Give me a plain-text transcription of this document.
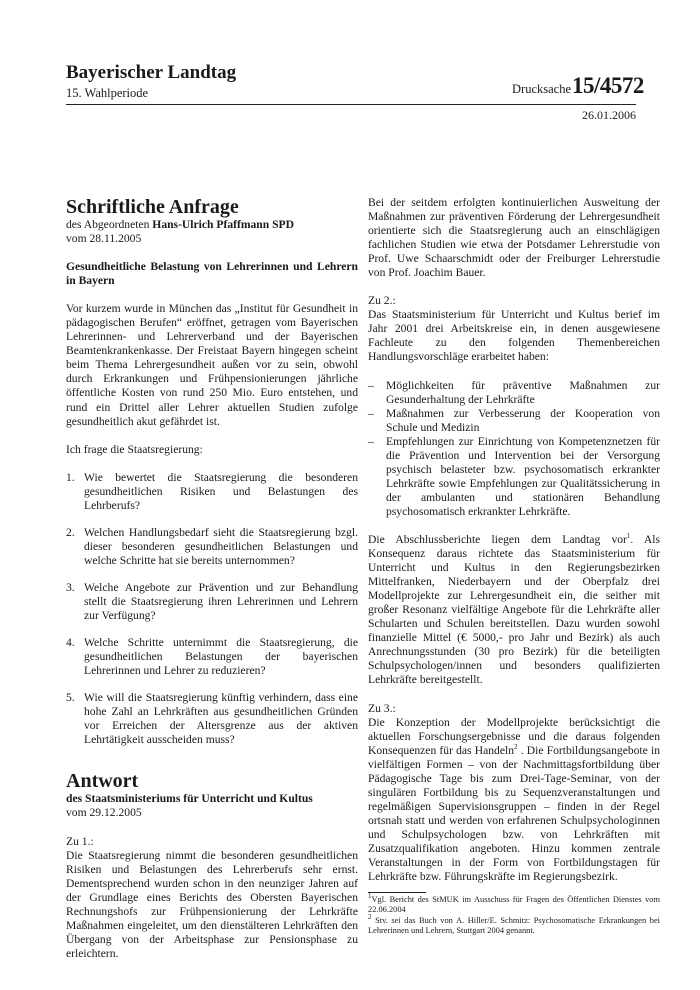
Bayerischer Landtag
15. Wahlperiode	Drucksache 15/4572
26.01.2006

Schriftliche Anfrage

des Abgeordneten Hans-Ulrich Pfaffmann SPD

vom 28.11.2005

Gesundheitliche Belastung von Lehrerinnen und Lehrern in Bayern

Vor kurzem wurde in München das „Institut für Gesundheit in pädagogischen Berufen“ eröffnet, getragen vom Bayerischen Lehrerinnen- und Lehrerverband und der Bayerischen Beamtenkrankenkasse. Der Freistaat Bayern hingegen scheint beim Thema Lehrergesundheit außen vor zu sein, obwohl durch Erkrankungen und Frühpensionierungen jährliche öffentliche Kosten von rund 250 Mio. Euro entstehen, und rund ein Drittel aller Lehrer aktuellen Studien zufolge gesundheitlich akut gefährdet ist.

Ich frage die Staatsregierung:

1. Wie bewertet die Staatsregierung die besonderen gesundheitlichen Risiken und Belastungen des Lehrberufs?
2. Welchen Handlungsbedarf sieht die Staatsregierung bzgl. dieser besonderen gesundheitlichen Belastungen und welche Schritte hat sie bereits unternommen?
3. Welche Angebote zur Prävention und zur Behandlung stellt die Staatsregierung ihren Lehrerinnen und Lehrern zur Verfügung?
4. Welche Schritte unternimmt die Staatsregierung, die gesundheitlichen Belastungen der bayerischen Lehrerinnen und Lehrer zu reduzieren?
5. Wie will die Staatsregierung künftig verhindern, dass eine hohe Zahl an Lehrkräften aus gesundheitlichen Gründen vor Erreichen der Altersgrenze aus der aktiven Lehrtätigkeit ausscheiden muss?

Antwort

des Staatsministeriums für Unterricht und Kultus

vom 29.12.2005

Zu 1.:

Die Staatsregierung nimmt die besonderen gesundheitlichen Risiken und Belastungen des Lehrerberufs sehr ernst. Dementsprechend wurden schon in den neunziger Jahren auf der Grundlage eines Berichts des Obersten Bayerischen Rechnungshofs zur Frühpensionierung der Lehrkräfte Maßnahmen eingeleitet, um den dienstälteren Lehrkräften den Übergang von der Arbeitsphase zur Pensionsphase zu erleichtern.

Bei der seitdem erfolgten kontinuierlichen Ausweitung der Maßnahmen zur präventiven Förderung der Lehrergesundheit orientierte sich die Staatsregierung auch an einschlägigen fachlichen Studien wie etwa der Potsdamer Lehrerstudie von Prof. Uwe Schaarschmidt oder der Freiburger Lehrerstudie von Prof. Joachim Bauer.

Zu 2.:

Das Staatsministerium für Unterricht und Kultus berief im Jahr 2001 drei Arbeitskreise ein, in denen ausgewiesene Fachleute zu den folgenden Themenbereichen Handlungsvorschläge erarbeitet haben:

– Möglichkeiten für präventive Maßnahmen zur Gesunderhaltung der Lehrkräfte
– Maßnahmen zur Verbesserung der Kooperation von Schule und Medizin
– Empfehlungen zur Einrichtung von Kompetenznetzen für die Prävention und Intervention bei der Versorgung psychisch belasteter bzw. psychosomatisch erkrankter Lehrkräfte sowie Empfehlungen zur Qualitätssicherung in der ambulanten und stationären Behandlung psychosomatisch erkrankter Lehrkräfte.

Die Abschlussberichte liegen dem Landtag vor$^1$. Als Konsequenz daraus richtete das Staatsministerium für Unterricht und Kultus in den Regierungsbezirken Mittelfranken, Niederbayern und der Oberpfalz drei Modellprojekte zur Lehrergesundheit ein, die seither mit großer Resonanz vielfältige Angebote für die Lehrkräfte aller Schularten und Schulen bereitstellen. Dazu wurden sowohl finanzielle Mittel (€ 5000,- pro Jahr und Bezirk) als auch Anrechnungsstunden (30 pro Bezirk) für die beteiligten Schulpsychologen/innen und besonders qualifizierten Lehrkräfte bereitgestellt.

Zu 3.:

Die Konzeption der Modellprojekte berücksichtigt die aktuellen Forschungsergebnisse und die daraus folgenden Konsequenzen für das Handeln$^2$ . Die Fortbildungsangebote in vielfältigen Formen – von der Nachmittagsfortbildung über Pädagogische Tage bis zum Drei-Tage-Seminar, von der singulären Fortbildung bis zu Sequenzveranstaltungen und regelmäßigen Supervisionsgruppen – finden in der Regel ortsnah statt und werden von erfahrenen Schulpsychologinnen und Schulpsychologen bzw. von Lehrkräften mit Zusatzqualifikation angeboten. Hinzu kommen zentrale Veranstaltungen in der Form von Fortbildungstagen für Lehrkräfte bzw. Führungskräfte im Regierungsbezirk.

$^1$Vgl. Bericht des StMUK im Ausschuss für Fragen des Öffentlichen Dienstes vom 22.06.2004

$^2$ Stv. sei das Buch von A. Hiller/E. Schmitz: Psychosomatische Erkrankungen bei Lehrerinnen und Lehrern, Stuttgart 2004 genannt.
